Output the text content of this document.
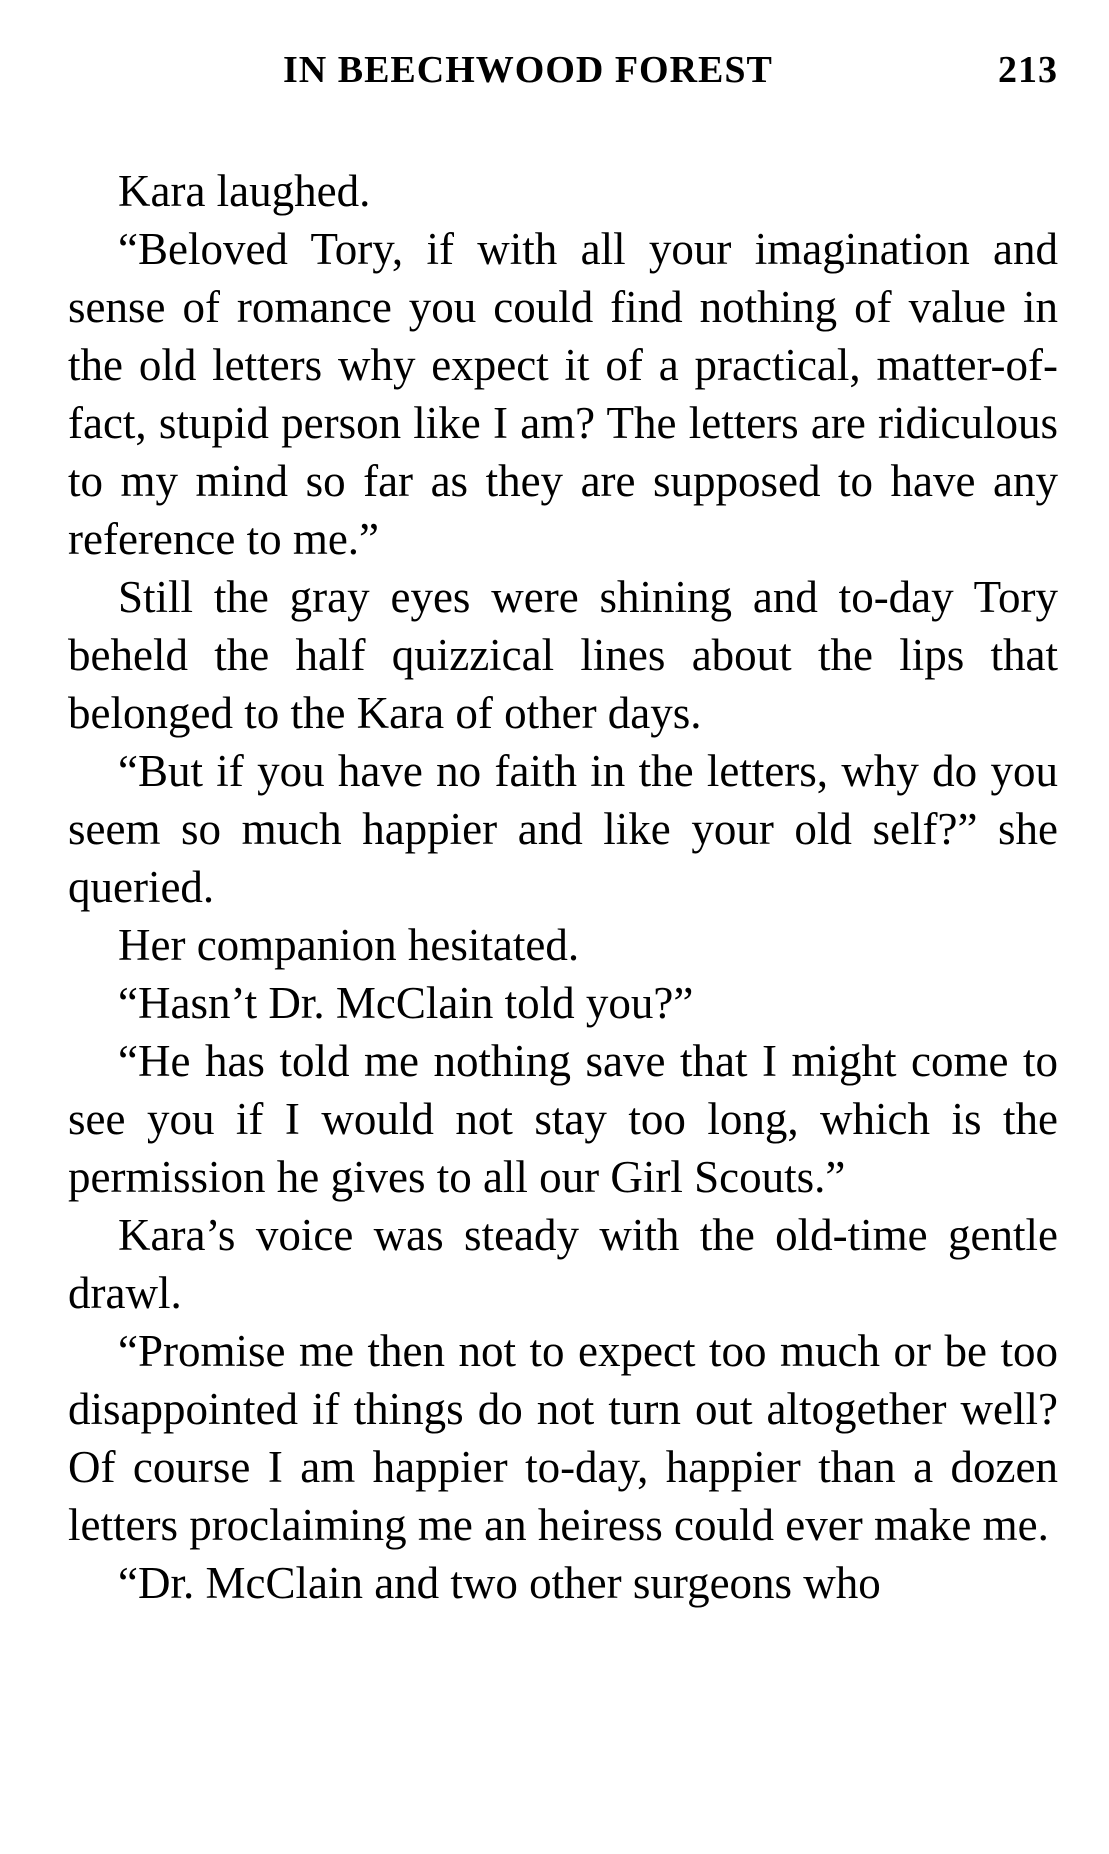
IN BEECHWOOD FOREST	213

Kara laughed.

“Beloved Tory, if with all your imagination and sense of romance you could find nothing of value in the old letters why expect it of a practical, matter-of-fact, stupid person like I am? The letters are ridiculous to my mind so far as they are supposed to have any reference to me.”

Still the gray eyes were shining and to-day Tory beheld the half quizzical lines about the lips that belonged to the Kara of other days.

“But if you have no faith in the letters, why do you seem so much happier and like your old self?” she queried.

Her companion hesitated.

“Hasn’t Dr. McClain told you?”

“He has told me nothing save that I might come to see you if I would not stay too long, which is the permission he gives to all our Girl Scouts.”

Kara’s voice was steady with the old-time gentle drawl.

“Promise me then not to expect too much or be too disappointed if things do not turn out altogether well? Of course I am happier to-day, happier than a dozen letters proclaiming me an heiress could ever make me.

“Dr. McClain and two other surgeons who
